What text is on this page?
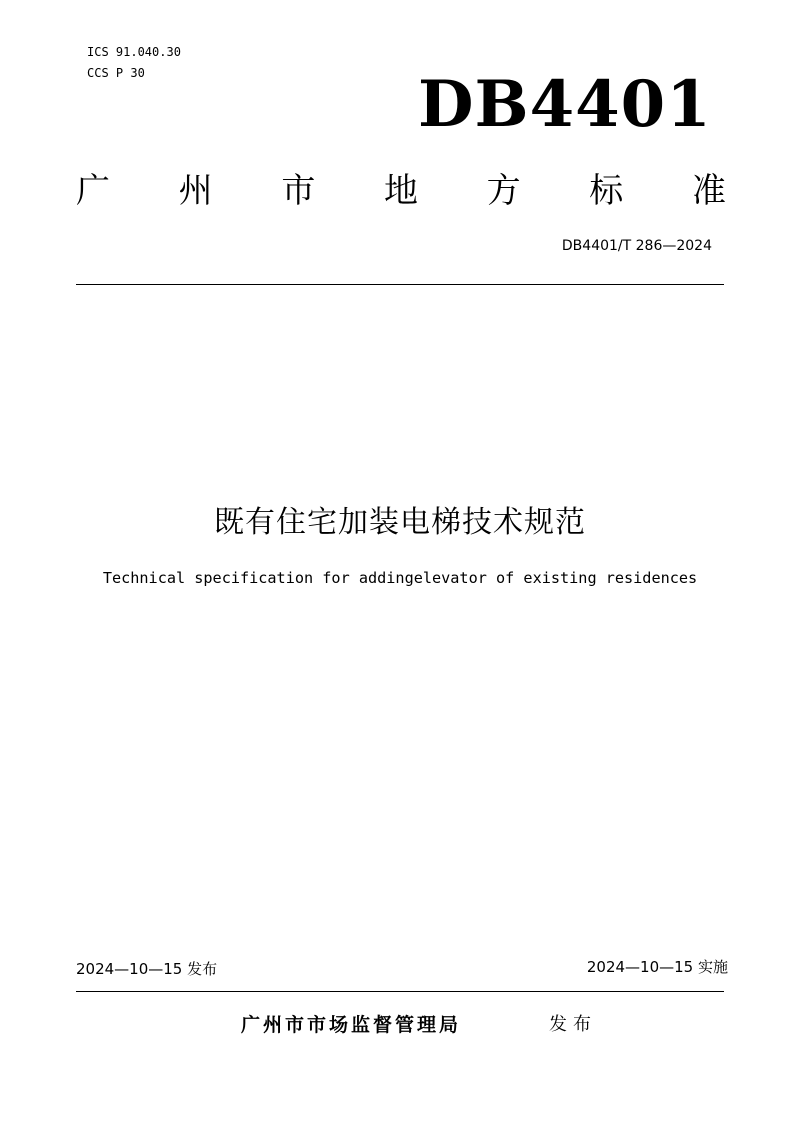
ICS 91.040.30
CCS P 30	DB4401
广 州 市 地 方 标 准
DB4401/T 286—2024
既有住宅加装电梯技术规范
Technical specification for addingelevator of existing residences
2024—10—15 发布	2024—10—15 实施
广州市市场监督管理局	发布
